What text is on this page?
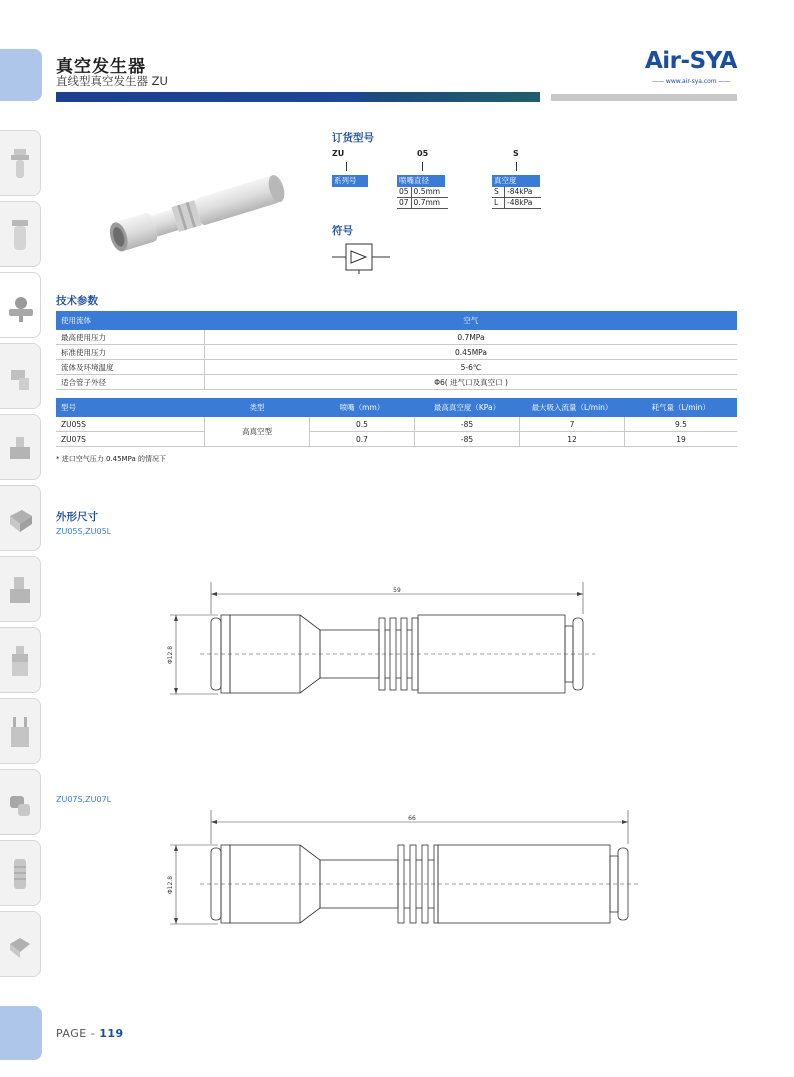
真空发生器
直线型真空发生器 ZU
Air-SYA
—— www.air-sya.com ——
订货型号
ZU	05	S
系列号	喷嘴直径
05	0.5mm
07	0.7mm
真空度
S	-84kPa
L	-48kPa
符号
技术参数
使用流体	空气
最高使用压力	0.7MPa
标准使用压力	0.45MPa
流体及环境温度	5-6℃
适合管子外径	Φ6( 进气口及真空口 )
型号	类型	喷嘴（mm）	最高真空度（KPa）	最大吸入流量（L/min）	耗气量（L/min）
ZU05S	高真空型	0.5	-85	7	9.5
ZU07S		0.7	-85	12	19
* 进口空气压力 0.45MPa 的情况下
外形尺寸
ZU05S,ZU05L
59
Φ12.8
ZU07S,ZU07L
66
Φ12.8
PAGE - 119
